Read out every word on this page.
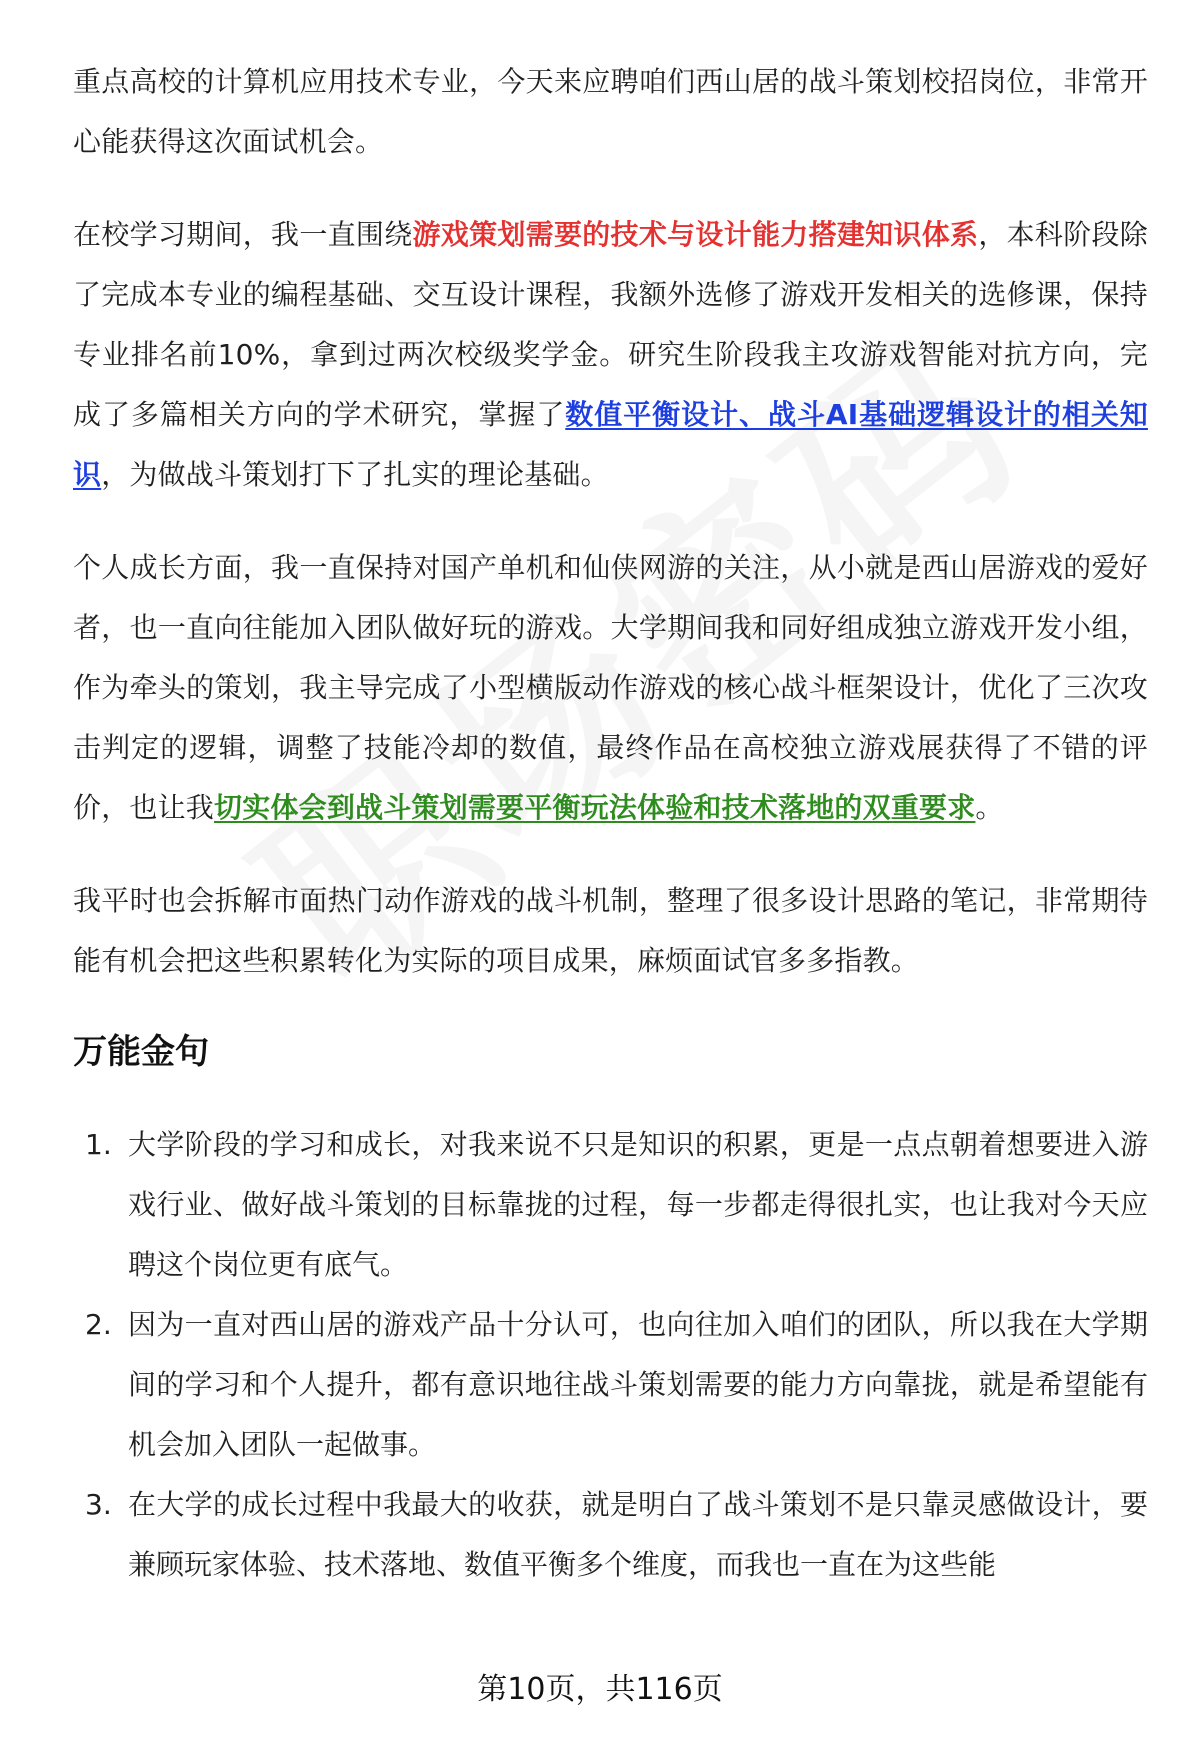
重点高校的计算机应用技术专业，今天来应聘咱们西山居的战斗策划校招岗位，非常开心能获得这次面试机会。

在校学习期间，我一直围绕游戏策划需要的技术与设计能力搭建知识体系，本科阶段除了完成本专业的编程基础、交互设计课程，我额外选修了游戏开发相关的选修课，保持专业排名前10%，拿到过两次校级奖学金。研究生阶段我主攻游戏智能对抗方向，完成了多篇相关方向的学术研究，掌握了数值平衡设计、战斗AI基础逻辑设计的相关知识，为做战斗策划打下了扎实的理论基础。

个人成长方面，我一直保持对国产单机和仙侠网游的关注，从小就是西山居游戏的爱好者，也一直向往能加入团队做好玩的游戏。大学期间我和同好组成独立游戏开发小组，作为牵头的策划，我主导完成了小型横版动作游戏的核心战斗框架设计，优化了三次攻击判定的逻辑，调整了技能冷却的数值，最终作品在高校独立游戏展获得了不错的评价，也让我切实体会到战斗策划需要平衡玩法体验和技术落地的双重要求。

我平时也会拆解市面热门动作游戏的战斗机制，整理了很多设计思路的笔记，非常期待能有机会把这些积累转化为实际的项目成果，麻烦面试官多多指教。

万能金句
1. 大学阶段的学习和成长，对我来说不只是知识的积累，更是一点点朝着想要进入游戏行业、做好战斗策划的目标靠拢的过程，每一步都走得很扎实，也让我对今天应聘这个岗位更有底气。
2. 因为一直对西山居的游戏产品十分认可，也向往加入咱们的团队，所以我在大学期间的学习和个人提升，都有意识地往战斗策划需要的能力方向靠拢，就是希望能有机会加入团队一起做事。
3. 在大学的成长过程中我最大的收获，就是明白了战斗策划不是只靠灵感做设计，要兼顾玩家体验、技术落地、数值平衡多个维度，而我也一直在为这些能
第10页，共116页
